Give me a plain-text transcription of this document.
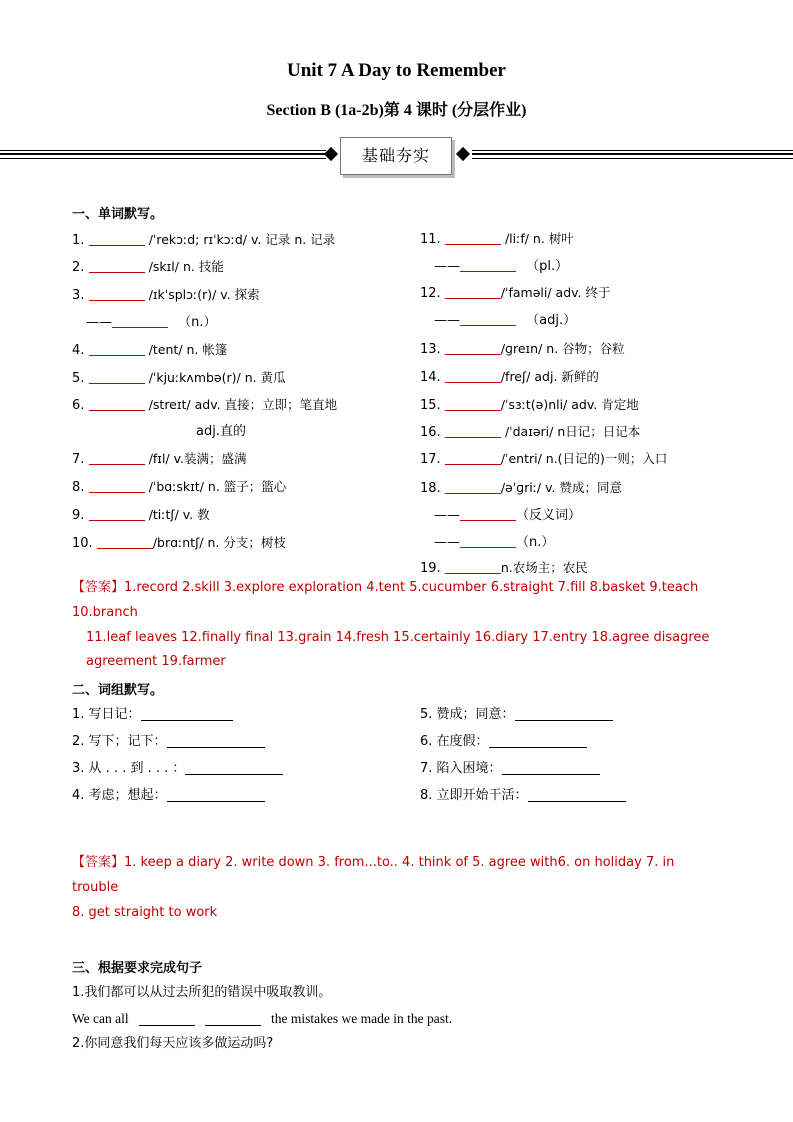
Unit 7 A Day to Remember
Section B (1a-2b)第 4 课时 (分层作业)
基础夯实
一、单词默写。
1.	/ˈrekɔːd; rɪˈkɔːd/ v. 记录 n. 记录
2.	/skɪl/ n. 技能
3.	/ɪkˈsplɔː(r)/ v. 探索
——	（n.）
4.	/tent/ n. 帐篷
5.	/ˈkjuːkʌmbə(r)/ n. 黄瓜
6.	/streɪt/ adv. 直接；立即；笔直地
adj.直的
7.	/fɪl/ v.装满；盛满
8.	/ˈbɑːskɪt/ n. 篮子；篮心
9.	/tiːtʃ/ v. 教
10.	/brɑːntʃ/ n. 分支；树枝
11.	/liːf/ n. 树叶
——	（pl.）
12.	/ˈfaməli/ adv. 终于
——	（adj.）
13.	/ɡreɪn/ n. 谷物；谷粒
14.	/freʃ/ adj. 新鲜的
15.	/ˈsɜːt(ə)nli/ adv. 肯定地
16.	/ˈdaɪəri/ n日记；日记本
17.	/ˈentri/ n.(日记的)一则；入口
18.	/əˈɡriː/ v. 赞成；同意
——	（反义词）
——	（n.）
19.	n.农场主；农民
【答案】1.record 2.skill 3.explore exploration 4.tent 5.cucumber 6.straight 7.fill 8.basket 9.teach 10.branch
11.leaf leaves 12.finally final 13.grain 14.fresh 15.certainly 16.diary 17.entry 18.agree disagree
agreement 19.farmer
二、词组默写。
1. 写日记：
2. 写下；记下：
3. 从 . . . 到 . . . ：
4. 考虑；想起：
5. 赞成；同意：
6. 在度假：
7. 陷入困境：
8. 立即开始干活：
【答案】1. keep a diary 2. write down 3. from...to.. 4. think of 5. agree with6. on holiday 7. in
trouble
8. get straight to work
三、根据要求完成句子
1.我们都可以从过去所犯的错误中吸取教训。
We can all	the mistakes we made in the past.
2.你同意我们每天应该多做运动吗?
